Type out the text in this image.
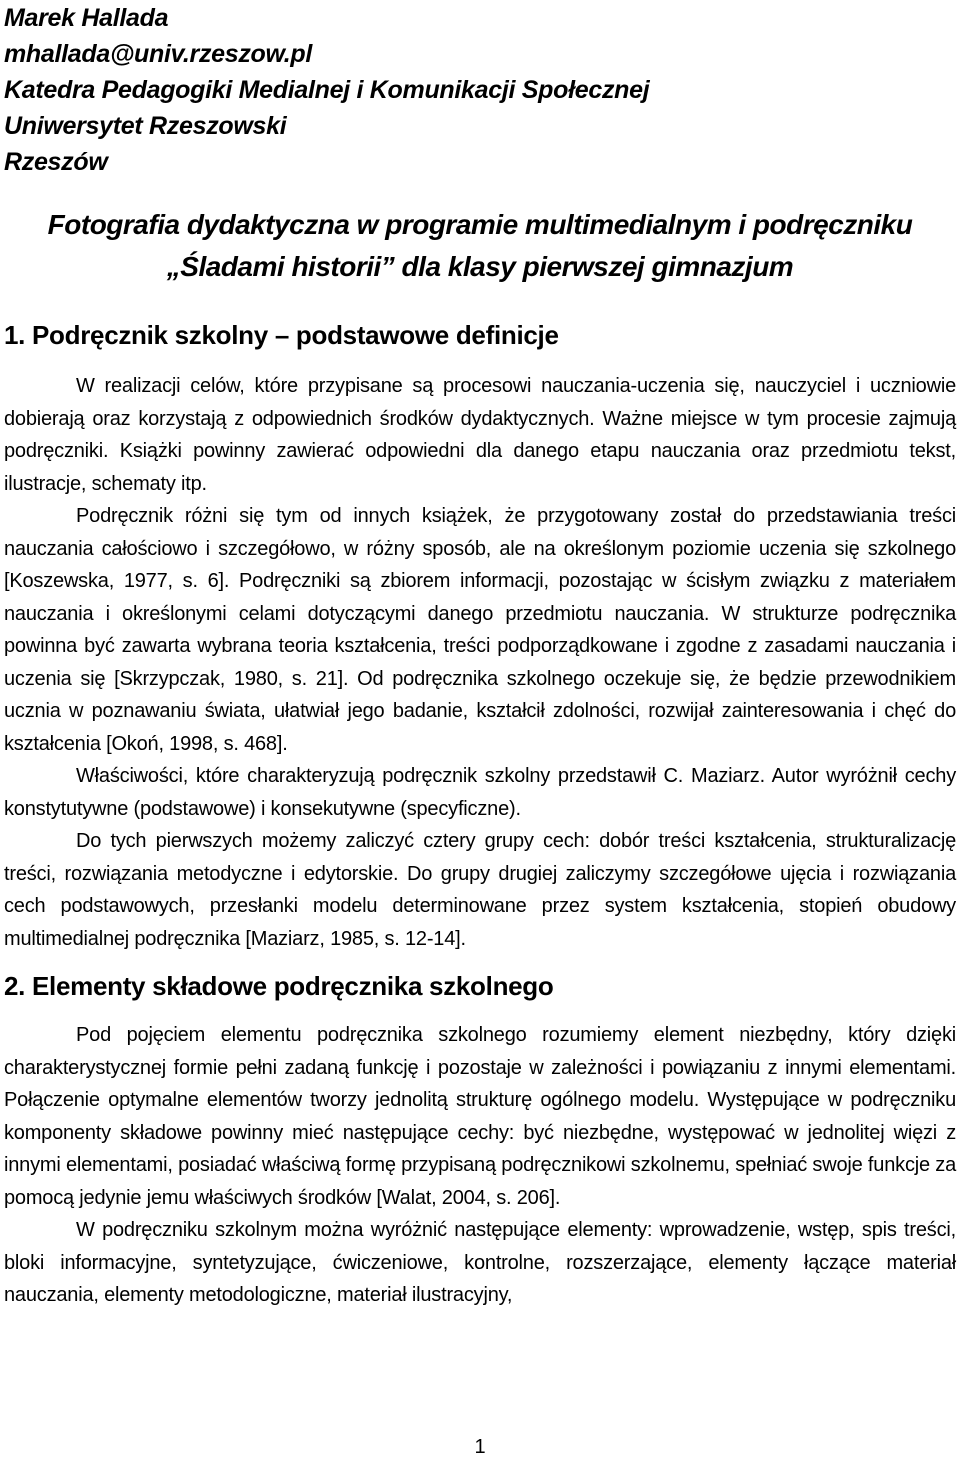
Marek Hallada
mhallada@univ.rzeszow.pl
Katedra Pedagogiki Medialnej i Komunikacji Społecznej
Uniwersytet Rzeszowski
Rzeszów
Fotografia dydaktyczna w programie multimedialnym i podręczniku
„Śladami historii” dla klasy pierwszej gimnazjum
1. Podręcznik szkolny – podstawowe definicje

W realizacji celów, które przypisane są procesowi nauczania-uczenia się, nauczyciel i uczniowie dobierają oraz korzystają z odpowiednich środków dydaktycznych. Ważne miejsce w tym procesie zajmują podręczniki. Książki powinny zawierać odpowiedni dla danego etapu nauczania oraz przedmiotu tekst, ilustracje, schematy itp.

Podręcznik różni się tym od innych książek, że przygotowany został do przedstawiania treści nauczania całościowo i szczegółowo, w różny sposób, ale na określonym poziomie uczenia się szkolnego [Koszewska, 1977, s. 6]. Podręczniki są zbiorem informacji, pozostając w ścisłym związku z materiałem nauczania i określonymi celami dotyczącymi danego przedmiotu nauczania. W strukturze podręcznika powinna być zawarta wybrana teoria kształcenia, treści podporządkowane i zgodne z zasadami nauczania i uczenia się [Skrzypczak, 1980, s. 21]. Od podręcznika szkolnego oczekuje się, że będzie przewodnikiem ucznia w poznawaniu świata, ułatwiał jego badanie, kształcił zdolności, rozwijał zainteresowania i chęć do kształcenia [Okoń, 1998, s. 468].

Właściwości, które charakteryzują podręcznik szkolny przedstawił C. Maziarz. Autor wyróżnił cechy konstytutywne (podstawowe) i konsekutywne (specyficzne).

Do tych pierwszych możemy zaliczyć cztery grupy cech: dobór treści kształcenia, strukturalizację treści, rozwiązania metodyczne i edytorskie. Do grupy drugiej zaliczymy szczegółowe ujęcia i rozwiązania cech podstawowych, przesłanki modelu determinowane przez system kształcenia, stopień obudowy multimedialnej podręcznika [Maziarz, 1985, s. 12-14].

2. Elementy składowe podręcznika szkolnego

Pod pojęciem elementu podręcznika szkolnego rozumiemy element niezbędny, który dzięki charakterystycznej formie pełni zadaną funkcję i pozostaje w zależności i powiązaniu z innymi elementami. Połączenie optymalne elementów tworzy jednolitą strukturę ogólnego modelu. Występujące w podręczniku komponenty składowe powinny mieć następujące cechy: być niezbędne, występować w jednolitej więzi z innymi elementami, posiadać właściwą formę przypisaną podręcznikowi szkolnemu, spełniać swoje funkcje za pomocą jedynie jemu właściwych środków [Walat, 2004, s. 206].

W podręczniku szkolnym można wyróżnić następujące elementy: wprowadzenie, wstęp, spis treści, bloki informacyjne, syntetyzujące, ćwiczeniowe, kontrolne, rozszerzające, elementy łączące materiał nauczania, elementy metodologiczne, materiał ilustracyjny,

1
